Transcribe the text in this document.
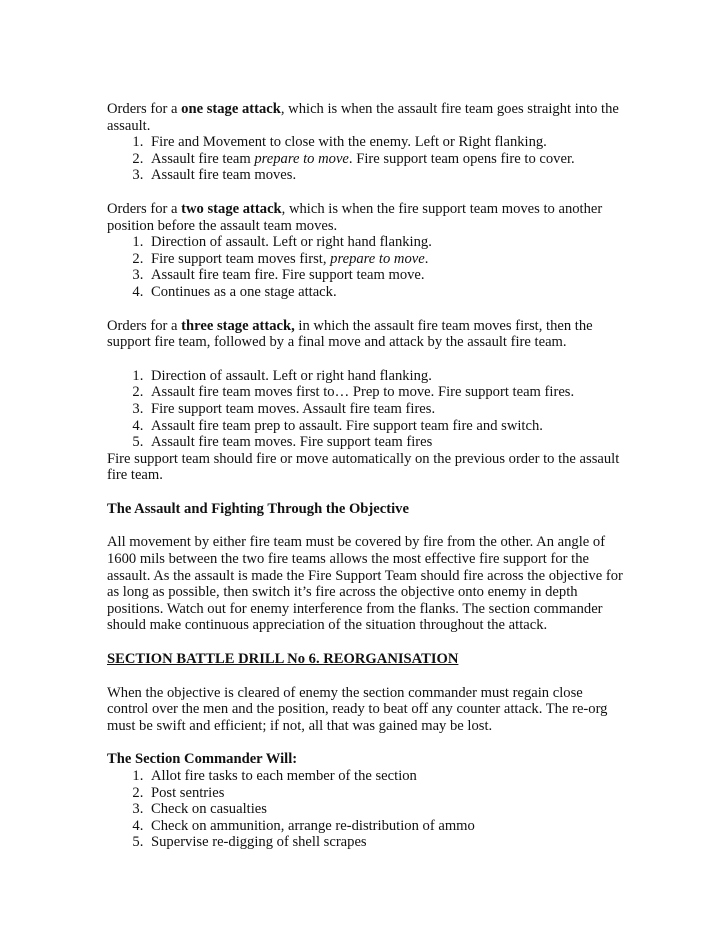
Orders for a one stage attack, which is when the assault fire team goes straight into the assault.

1. Fire and Movement to close with the enemy. Left or Right flanking.
2. Assault fire team prepare to move. Fire support team opens fire to cover.
3. Assault fire team moves.

Orders for a two stage attack, which is when the fire support team moves to another position before the assault team moves.

1. Direction of assault. Left or right hand flanking.
2. Fire support team moves first, prepare to move.
3. Assault fire team fire. Fire support team move.
4. Continues as a one stage attack.

Orders for a three stage attack, in which the assault fire team moves first, then the support fire team, followed by a final move and attack by the assault fire team.

1. Direction of assault. Left or right hand flanking.
2. Assault fire team moves first to… Prep to move. Fire support team fires.
3. Fire support team moves. Assault fire team fires.
4. Assault fire team prep to assault. Fire support team fire and switch.
5. Assault fire team moves. Fire support team fires

Fire support team should fire or move automatically on the previous order to the assault fire team.

The Assault and Fighting Through the Objective

All movement by either fire team must be covered by fire from the other. An angle of 1600 mils between the two fire teams allows the most effective fire support for the assault. As the assault is made the Fire Support Team should fire across the objective for as long as possible, then switch it’s fire across the objective onto enemy in depth positions. Watch out for enemy interference from the flanks. The section commander should make continuous appreciation of the situation throughout the attack.

SECTION BATTLE DRILL No 6. REORGANISATION

When the objective is cleared of enemy the section commander must regain close control over the men and the position, ready to beat off any counter attack. The re-org must be swift and efficient; if not, all that was gained may be lost.

The Section Commander Will:
1. Allot fire tasks to each member of the section
2. Post sentries
3. Check on casualties
4. Check on ammunition, arrange re-distribution of ammo
5. Supervise re-digging of shell scrapes
